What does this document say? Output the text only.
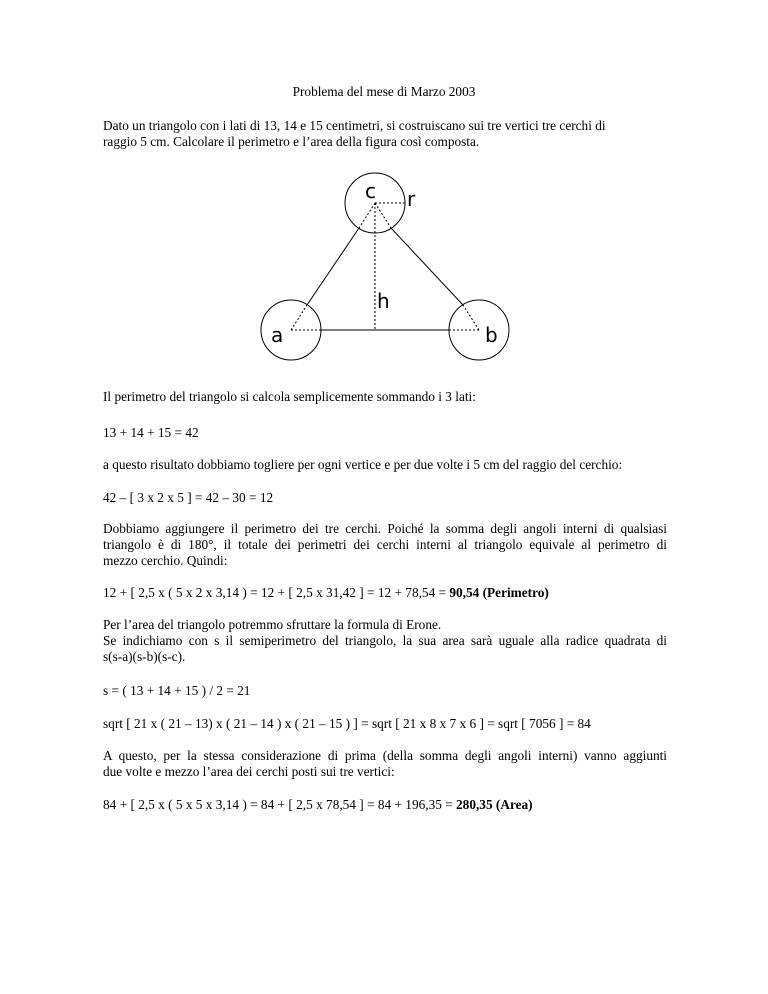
Problema del mese di Marzo 2003
Dato un triangolo con i lati di 13, 14 e 15 centimetri, si costruiscano sui tre vertici tre cerchi di
raggio 5 cm. Calcolare il perimetro e l’area della figura così composta.
c r
h
a	b
Il perimetro del triangolo si calcola semplicemente sommando i 3 lati:
13 + 14 + 15 = 42
a questo risultato dobbiamo togliere per ogni vertice e per due volte i 5 cm del raggio del cerchio:
42 – [ 3 x 2 x 5 ] = 42 – 30 = 12
Dobbiamo aggiungere il perimetro dei tre cerchi. Poiché la somma degli angoli interni di qualsiasi
triangolo è di 180°, il totale dei perimetri dei cerchi interni al triangolo equivale al perimetro di
mezzo cerchio. Quindi:
12 + [ 2,5 x ( 5 x 2 x 3,14 ) = 12 + [ 2,5 x 31,42 ] = 12 + 78,54 = 90,54 (Perimetro)
Per l’area del triangolo potremmo sfruttare la formula di Erone.
Se indichiamo con s il semiperimetro del triangolo, la sua area sarà uguale alla radice quadrata di
s(s-a)(s-b)(s-c).
s = ( 13 + 14 + 15 ) / 2 = 21
sqrt [ 21 x ( 21 – 13) x ( 21 – 14 ) x ( 21 – 15 ) ] = sqrt [ 21 x 8 x 7 x 6 ] = sqrt [ 7056 ] = 84
A questo, per la stessa considerazione di prima (della somma degli angoli interni) vanno aggiunti
due volte e mezzo l’area dei cerchi posti sui tre vertici:
84 + [ 2,5 x ( 5 x 5 x 3,14 ) = 84 + [ 2,5 x 78,54 ] = 84 + 196,35 = 280,35 (Area)
